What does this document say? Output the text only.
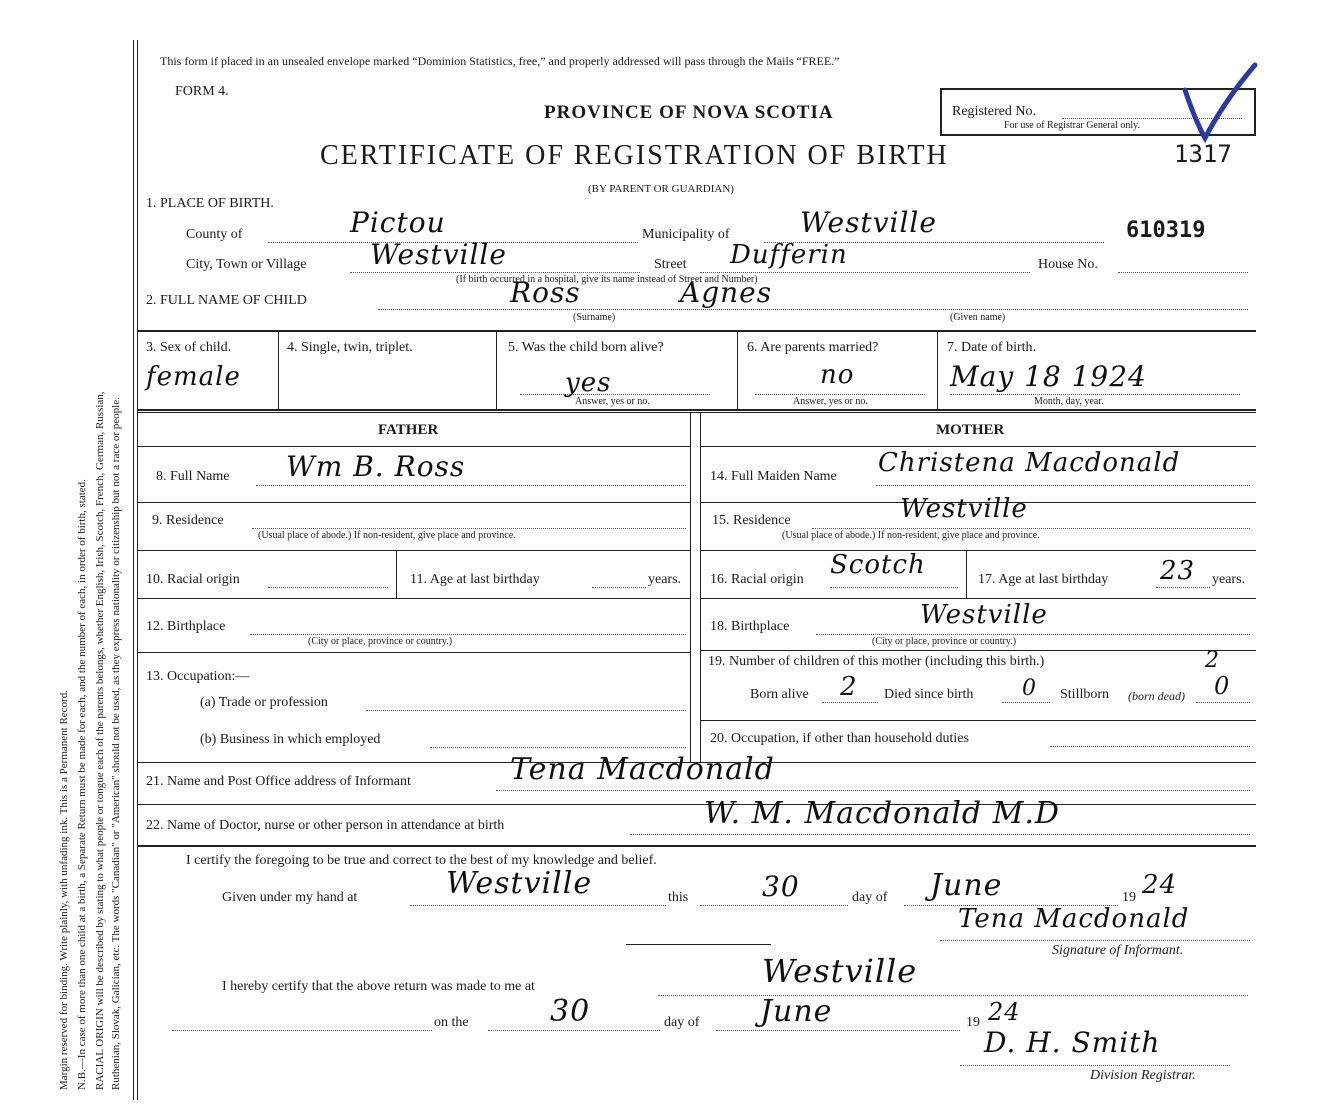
Margin reserved for binding. Write plainly, with unfading ink. This is a Permanent Record. N.B.—In case of more than one child at a birth, a Separate Return must be made for each, and the number of each, in order of birth, stated. RACIAL ORIGIN will be described by stating to what people or tongue each of the parents belongs, whether English, Irish, Scotch, French, German, Russian, Ruthenian, Slovak, Galician, etc. The words "Canadian" or "American" should not be used, as they express nationality or citizenship but not a race or people.
This form if placed in an unsealed envelope marked “Dominion Statistics, free,” and properly addressed will pass through the Mails “FREE.”
FORM 4.
PROVINCE OF NOVA SCOTIA
CERTIFICATE OF REGISTRATION OF BIRTH
(BY PARENT OR GUARDIAN)
Registered No.
For use of Registrar General only.
1317
610319
1. PLACE OF BIRTH.
County of	Pictou	Municipality of	Westville
City, Town or Village Westville	Street Dufferin	House No.
(If birth occurred in a hospital, give its name instead of Street and Number)
2. FULL NAME OF CHILD	Ross	Agnes
(Surname)	(Given name)
3. Sex of child.
female
4. Single, twin, triplet.	5. Was the child born alive?
yes
Answer, yes or no.
6. Are parents married?
no
Answer, yes or no.
7. Date of birth.
May 18 1924
Month, day, year.
FATHER	MOTHER
8. Full Name Wm B. Ross
9. Residence
(Usual place of abode.) If non-resident, give place and province.
10. Racial origin	11. Age at last birthday	years.
12. Birthplace
(City or place, province or country.)
13. Occupation:—
(a) Trade or profession
(b) Business in which employed
14. Full Maiden Name Christena Macdonald
15. Residence	Westville
(Usual place of abode.) If non-resident, give place and province.
16. Racial origin Scotch	17. Age at last birthday 23 years.
18. Birthplace	Westville
(City or place, province or country.)
19. Number of children of this mother (including this birth.)	2
Born alive 2 Died since birth 0 Stillborn (born dead) 0
20. Occupation, if other than household duties
21. Name and Post Office address of Informant	Tena Macdonald
22. Name of Doctor, nurse or other person in attendance at birth	W. M. Macdonald M.D
I certify the foregoing to be true and correct to the best of my knowledge and belief.
Given under my hand at	Westville	this	30	day of June	19 24
Tena Macdonald
Signature of Informant.
I hereby certify that the above return was made to me at	Westville
on the	30	day of June	19 24
D. H. Smith
Division Registrar.
